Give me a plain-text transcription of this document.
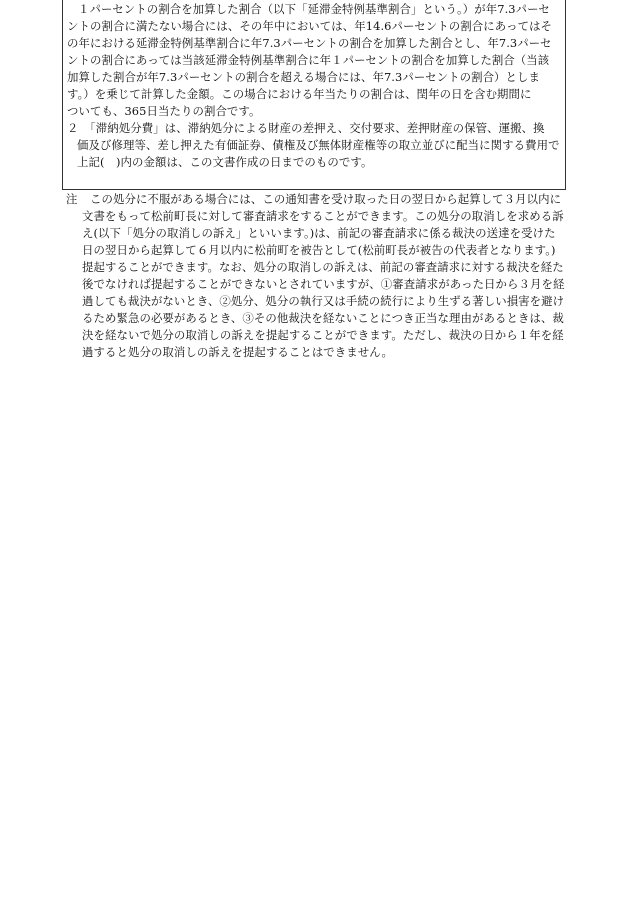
１パーセントの割合を加算した割合（以下「延滞金特例基準割合」という。）が年7.3パーセ
ントの割合に満たない場合には、その年中においては、年14.6パーセントの割合にあってはそ
の年における延滞金特例基準割合に年7.3パーセントの割合を加算した割合とし、年7.3パーセ
ントの割合にあっては当該延滞金特例基準割合に年１パーセントの割合を加算した割合（当該
加算した割合が年7.3パーセントの割合を超える場合には、年7.3パーセントの割合）としま
す。）を乗じて計算した金額。この場合における年当たりの割合は、
閏年の日を含む期間に
ついても、365日当たりの割合です。
２　「滞納処分費」は、滞納処分による財産の差押え、交付要求、差押財産の保管、運搬、換
価及び修理等、差し押えた有価証券、債権及び無体財産権等の取立並びに配当に関する費用で
上記(　)内の金額は、この文書作成の日までのものです。
注	この処分に不服がある場合には、この通知書を受け取った日の翌日から起算して３月以内に
文書をもって松前町長に対して審査請求をすることができます。この処分の取消しを求める訴
え(以下「処分の取消しの訴え」といいます。)は、前記の審査請求に係る裁決の送達を受けた
日の翌日から起算して６月以内に松前町を被告として(松前町長が被告の代表者となります。)
提起することができます。なお、処分の取消しの訴えは、前記の審査請求に対する裁決を経た
後でなければ提起することができないとされていますが、①審査請求があった日から３月を経
過しても裁決がないとき、②処分、処分の執行又は手続の続行により生ずる著しい損害を避け
るため緊急の必要があるとき、③その他裁決を経ないことにつき正当な理由があるときは、裁
決を経ないで処分の取消しの訴えを提起することができます。ただし、裁決の日から１年を経
過すると処分の取消しの訴えを提起することはできません。
